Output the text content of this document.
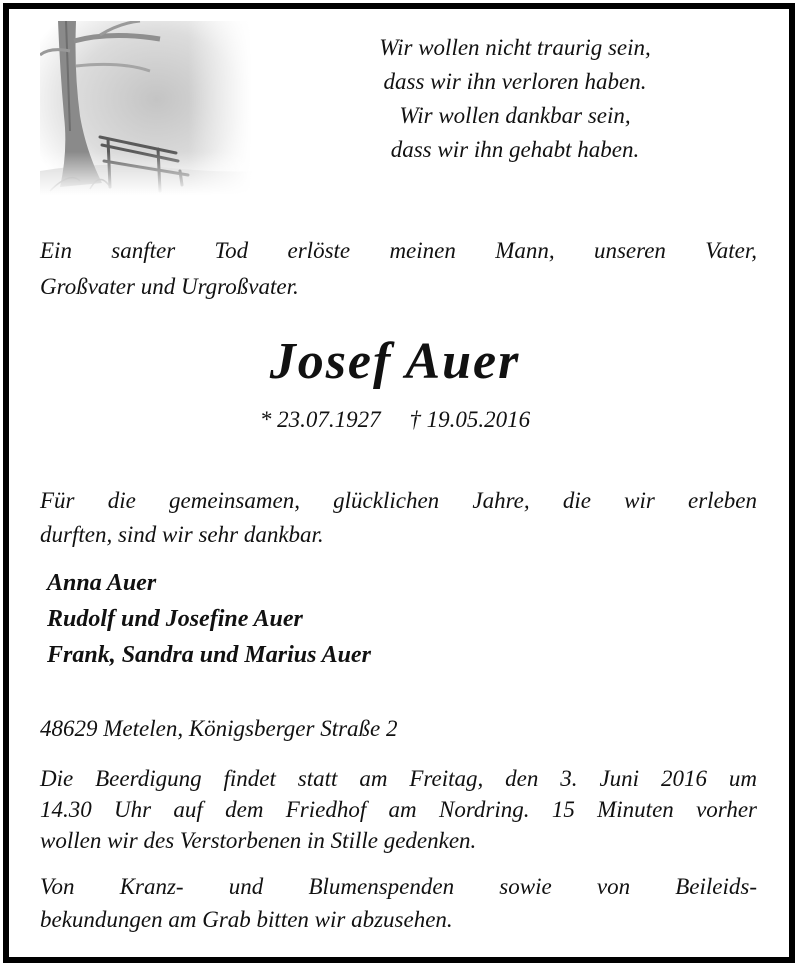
Wir wollen nicht traurig sein,
dass wir ihn verloren haben.
Wir wollen dankbar sein,
dass wir ihn gehabt haben.
Ein sanfter Tod erlöste meinen Mann, unseren Vater,
Großvater und Urgroßvater.
Josef Auer
* 23.07.1927     † 19.05.2016
Für die gemeinsamen, glücklichen Jahre, die wir erleben
durften, sind wir sehr dankbar.
Anna Auer
Rudolf und Josefine Auer
Frank, Sandra und Marius Auer
48629 Metelen, Königsberger Straße 2
Die Beerdigung findet statt am Freitag, den 3. Juni 2016 um
14.30 Uhr auf dem Friedhof am Nordring. 15 Minuten vorher
wollen wir des Verstorbenen in Stille gedenken.
Von Kranz- und Blumenspenden sowie von Beileids-
bekundungen am Grab bitten wir abzusehen.
